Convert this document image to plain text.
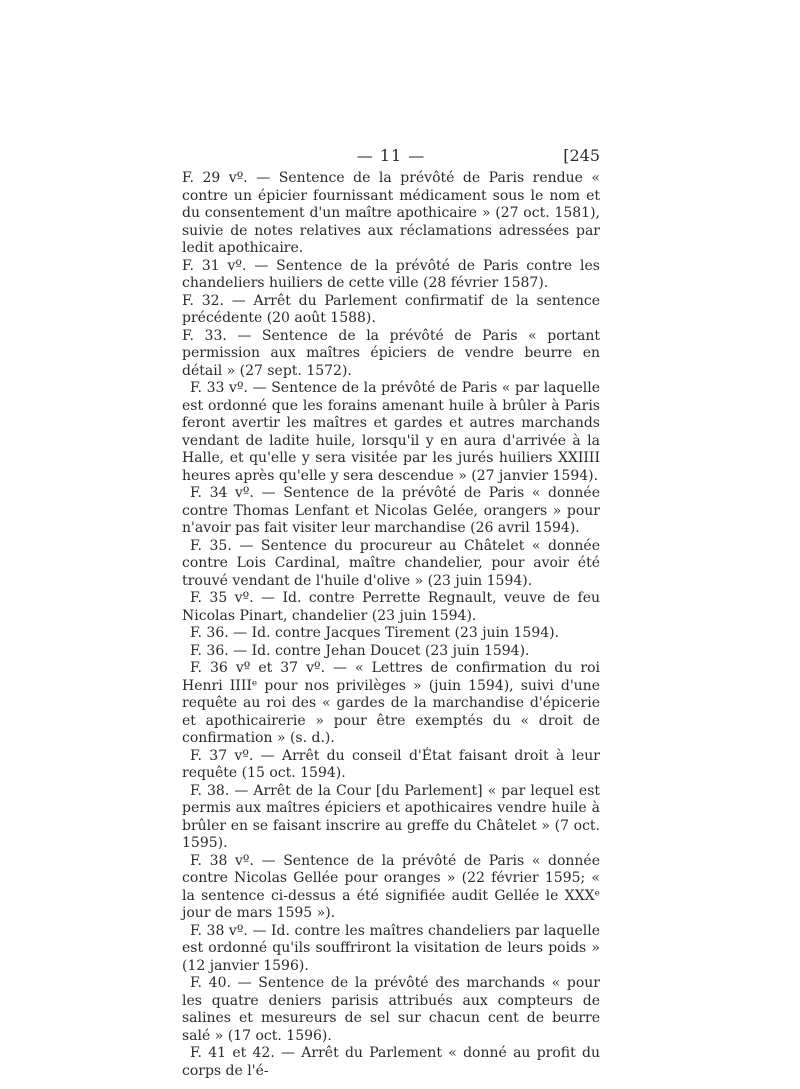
— 11 —	[245

F. 29 vº. — Sentence de la prévôté de Paris rendue « contre un épicier fournissant médicament sous le nom et du consentement d'un maître apothicaire » (27 oct. 1581), suivie de notes relatives aux réclamations adressées par ledit apothicaire.

F. 31 vº. — Sentence de la prévôté de Paris contre les chandeliers huiliers de cette ville (28 février 1587).

F. 32. — Arrêt du Parlement confirmatif de la sentence précédente (20 août 1588).

F. 33. — Sentence de la prévôté de Paris « portant permission aux maîtres épiciers de vendre beurre en détail » (27 sept. 1572).

F. 33 vº. — Sentence de la prévôté de Paris « par laquelle est ordonné que les forains amenant huile à brûler à Paris feront avertir les maîtres et gardes et autres marchands vendant de ladite huile, lorsqu'il y en aura d'arrivée à la Halle, et qu'elle y sera visitée par les jurés huiliers XXIIII heures après qu'elle y sera descendue » (27 janvier 1594).

F. 34 vº. — Sentence de la prévôté de Paris « donnée contre Thomas Lenfant et Nicolas Gelée, orangers » pour n'avoir pas fait visiter leur marchandise (26 avril 1594).

F. 35. — Sentence du procureur au Châtelet « donnée contre Lois Cardinal, maître chandelier, pour avoir été trouvé vendant de l'huile d'olive » (23 juin 1594).

F. 35 vº. — Id. contre Perrette Regnault, veuve de feu Nicolas Pinart, chandelier (23 juin 1594).

F. 36. — Id. contre Jacques Tirement (23 juin 1594).

F. 36. — Id. contre Jehan Doucet (23 juin 1594).

F. 36 vº et 37 vº. — « Lettres de confirmation du roi Henri IIIIᵉ pour nos privilèges » (juin 1594), suivi d'une requête au roi des « gardes de la marchandise d'épicerie et apothicairerie » pour être exemptés du « droit de confirmation » (s. d.).

F. 37 vº. — Arrêt du conseil d'État faisant droit à leur requête (15 oct. 1594).

F. 38. — Arrêt de la Cour [du Parlement] « par lequel est permis aux maîtres épiciers et apothicaires vendre huile à brûler en se faisant inscrire au greffe du Châtelet » (7 oct. 1595).

F. 38 vº. — Sentence de la prévôté de Paris « donnée contre Nicolas Gellée pour oranges » (22 février 1595; « la sentence ci-dessus a été signifiée audit Gellée le XXXᵉ jour de mars 1595 »).

F. 38 vº. — Id. contre les maîtres chandeliers par laquelle est ordonné qu'ils souffriront la visitation de leurs poids » (12 janvier 1596).

F. 40. — Sentence de la prévôté des marchands « pour les quatre deniers parisis attribués aux compteurs de salines et mesureurs de sel sur chacun cent de beurre salé » (17 oct. 1596).

F. 41 et 42. — Arrêt du Parlement « donné au profit du corps de l'é-
